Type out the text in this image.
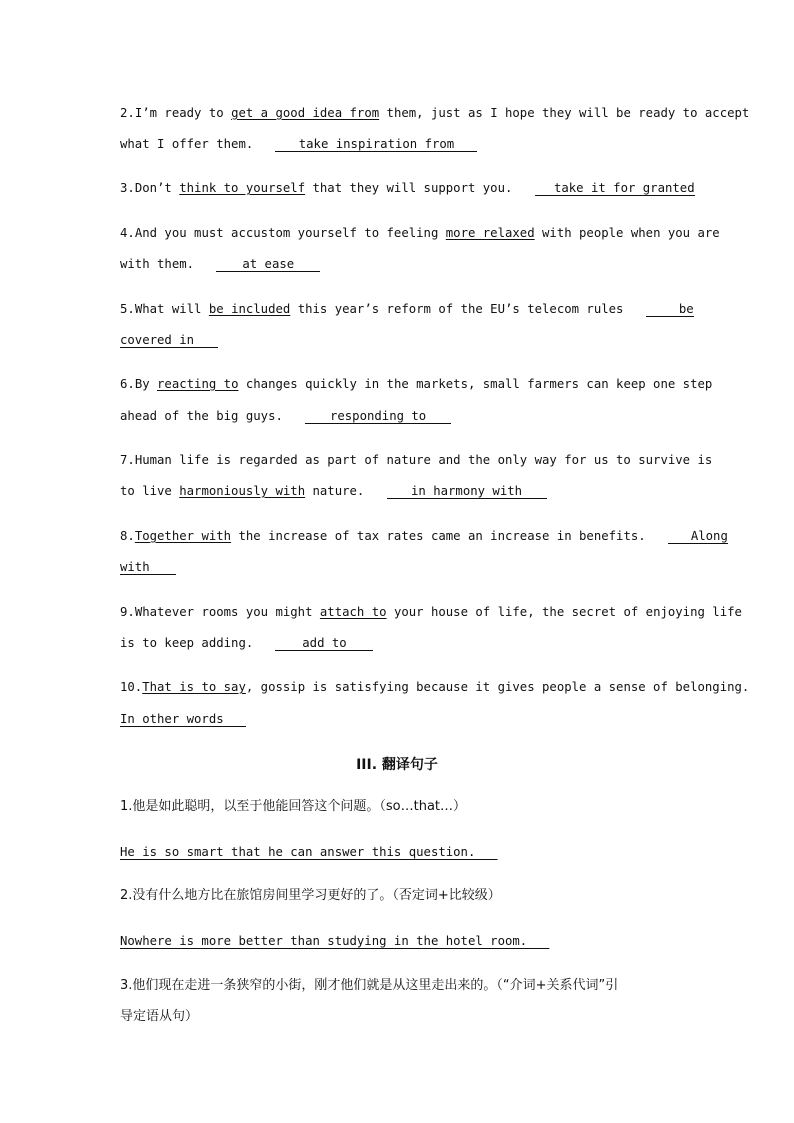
2.I’m ready to get a good idea from them, just as I hope they will be ready to accept
what I offer them.   take inspiration from
3.Don’t think to yourself that they will support you.   take it for granted
4.And you must accustom yourself to feeling more relaxed with people when you are
with them.   at ease
5.What will be included this year’s reform of the EU’s telecom rules	be
covered in
6.By reacting to changes quickly in the markets, small farmers can keep one step
ahead of the big guys.   responding to
7.Human life is regarded as part of nature and the only way for us to survive is
to live harmoniously with nature.   in harmony with
8.Together with the increase of tax rates came an increase in benefits.   Along
with
9.Whatever rooms you might attach to your house of life, the secret of enjoying life
is to keep adding.   add to
10.That is to say, gossip is satisfying because it gives people a sense of belonging.
In other words
III. 翻译句子
1.他是如此聪明，以至于他能回答这个问题。（so…that…）
He is so smart that he can answer this question.
2.没有什么地方比在旅馆房间里学习更好的了。（否定词+比较级）
Nowhere is more better than studying in the hotel room.
3.他们现在走进一条狭窄的小街，刚才他们就是从这里走出来的。（“介词+关系代词”引
导定语从句）
